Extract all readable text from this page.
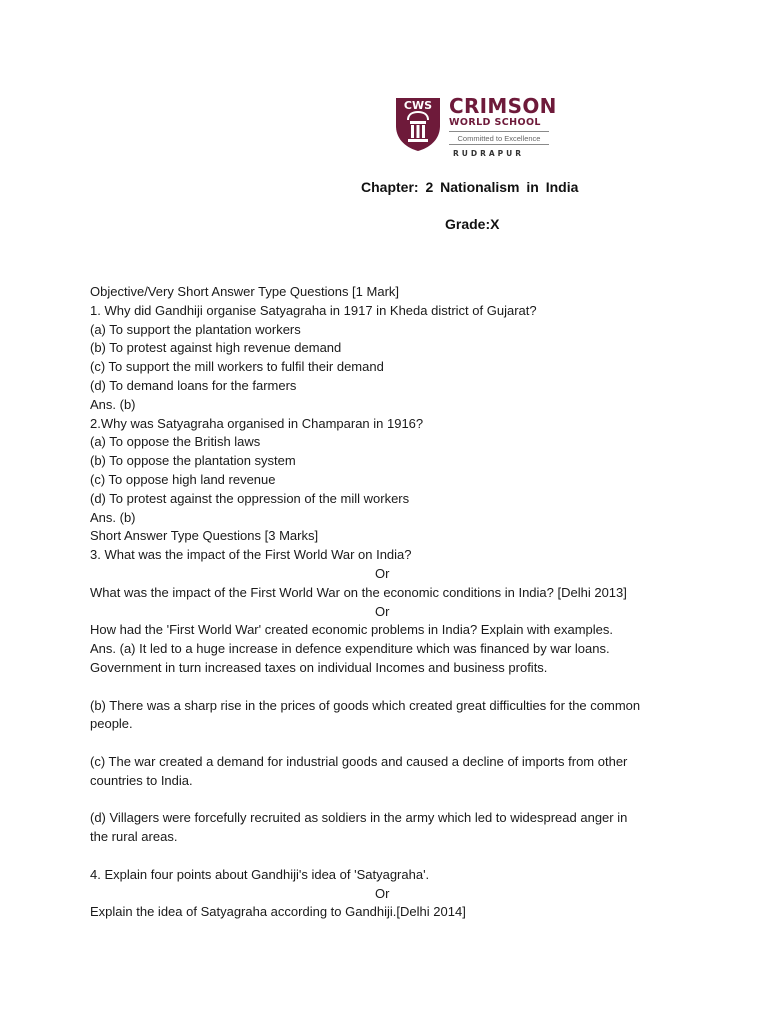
CWS CRIMSON
WORLD SCHOOL
Committed to Excellence
RUDRAPUR
Chapter: 2 Nationalism in India
Grade:X

Objective/Very Short Answer Type Questions [1 Mark]

1. Why did Gandhiji organise Satyagraha in 1917 in Kheda district of Gujarat?

(a) To support the plantation workers

(b) To protest against high revenue demand

(c) To support the mill workers to fulfil their demand

(d) To demand loans for the farmers

Ans. (b)

2.Why was Satyagraha organised in Champaran in 1916?

(a) To oppose the British laws

(b) To oppose the plantation system

(c) To oppose high land revenue

(d) To protest against the oppression of the mill workers

Ans. (b)

Short Answer Type Questions [3 Marks]

3. What was the impact of the First World War on India?

Or

What was the impact of the First World War on the economic conditions in India? [Delhi 2013]

Or

How had the 'First World War' created economic problems in India? Explain with examples.

Ans. (a) It led to a huge increase in defence expenditure which was financed by war loans.

Government in turn increased taxes on individual Incomes and business profits.

(b) There was a sharp rise in the prices of goods which created great difficulties for the common

people.

(c) The war created a demand for industrial goods and caused a decline of imports from other

countries to India.

(d) Villagers were forcefully recruited as soldiers in the army which led to widespread anger in

the rural areas.

4. Explain four points about Gandhiji's idea of 'Satyagraha'.

Or

Explain the idea of Satyagraha according to Gandhiji.[Delhi 2014]
